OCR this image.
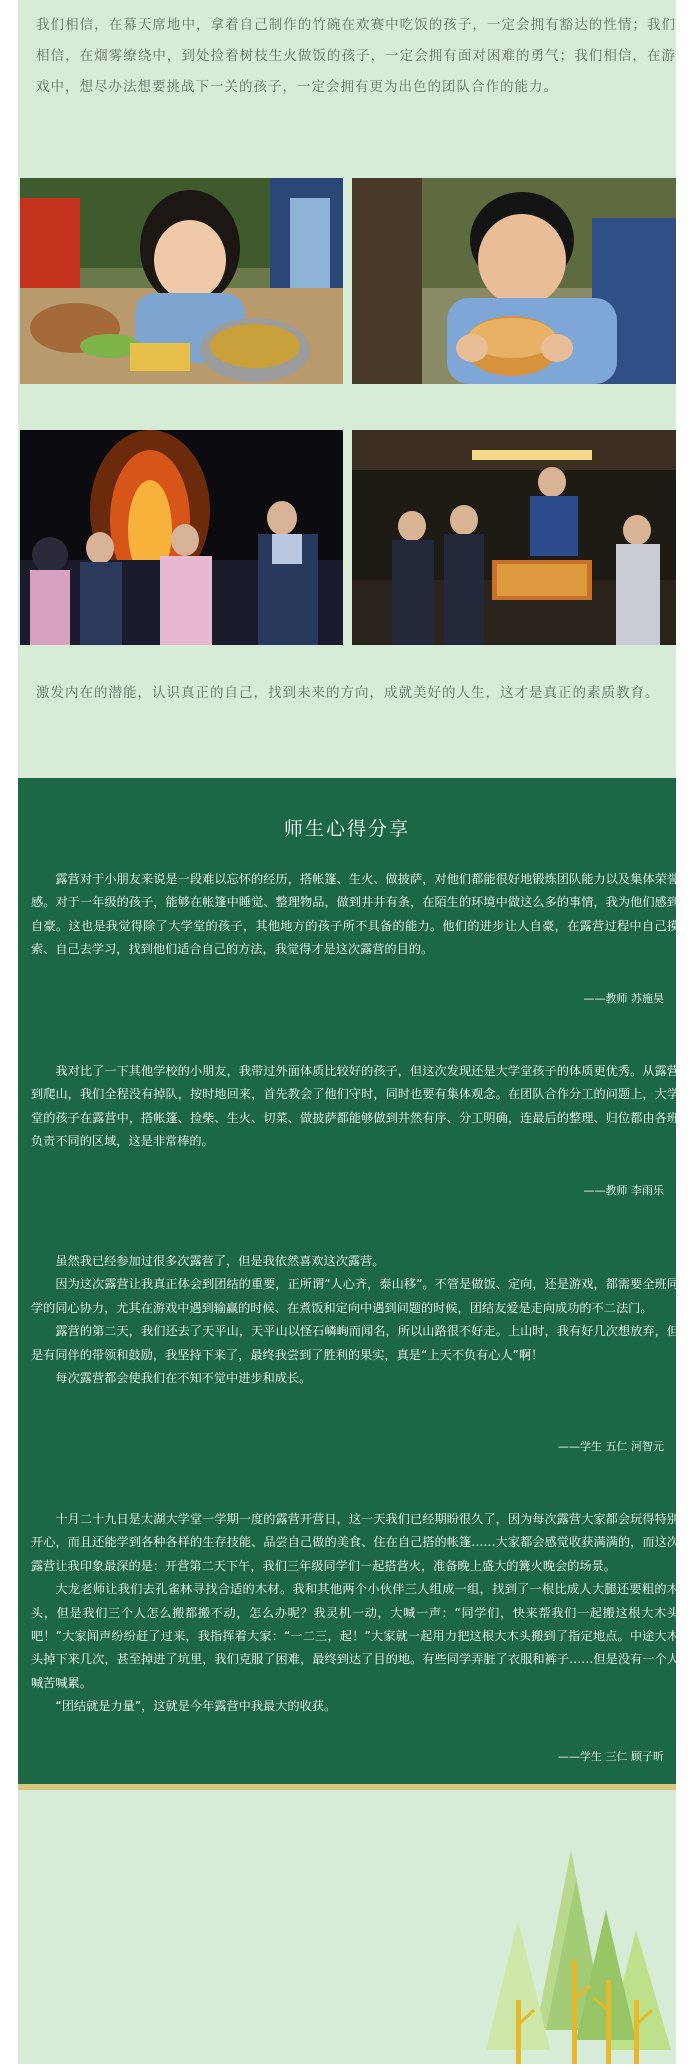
我们相信，在幕天席地中，拿着自己制作的竹碗在欢赛中吃饭的孩子，一定会拥有豁达的性情；我们相信，在烟雾缭绕中，到处捡着树枝生火做饭的孩子，一定会拥有面对困难的勇气；我们相信，在游戏中，想尽办法想要挑战下一关的孩子，一定会拥有更为出色的团队合作的能力。

激发内在的潜能，认识真正的自己，找到未来的方向，成就美好的人生，这才是真正的素质教育。

师生心得分享

露营对于小朋友来说是一段难以忘怀的经历，搭帐篷、生火、做披萨，对他们都能很好地锻炼团队能力以及集体荣誉感。对于一年级的孩子，能够在帐篷中睡觉、整理物品，做到井井有条，在陌生的环境中做这么多的事情，我为他们感到自豪。这也是我觉得除了大学堂的孩子，其他地方的孩子所不具备的能力。他们的进步让人自豪，在露营过程中自己摸索、自己去学习，找到他们适合自己的方法，我觉得才是这次露营的目的。

——教师 苏施昊

我对比了一下其他学校的小朋友，我带过外面体质比较好的孩子，但这次发现还是大学堂孩子的体质更优秀。从露营到爬山，我们全程没有掉队，按时地回来，首先教会了他们守时，同时也要有集体观念。在团队合作分工的问题上，大学堂的孩子在露营中，搭帐篷、捡柴、生火、切菜、做披萨都能够做到井然有序、分工明确，连最后的整理、归位都由各班负责不同的区域，这是非常棒的。

——教师 李雨乐

虽然我已经参加过很多次露营了，但是我依然喜欢这次露营。

因为这次露营让我真正体会到团结的重要，正所谓“人心齐，泰山移”。不管是做饭、定向，还是游戏，都需要全班同学的同心协力，尤其在游戏中遇到输赢的时候、在煮饭和定向中遇到问题的时候，团结友爱是走向成功的不二法门。

露营的第二天，我们还去了天平山，天平山以怪石嶙峋而闻名，所以山路很不好走。上山时，我有好几次想放弃，但是有同伴的带领和鼓励，我坚持下来了，最终我尝到了胜利的果实，真是“上天不负有心人”啊！

每次露营都会使我们在不知不觉中进步和成长。

——学生 五仁 河智元

十月二十九日是太湖大学堂一学期一度的露营开营日，这一天我们已经期盼很久了，因为每次露营大家都会玩得特别开心，而且还能学到各种各样的生存技能、品尝自己做的美食、住在自己搭的帐篷……大家都会感觉收获满满的，而这次露营让我印象最深的是：开营第二天下午，我们三年级同学们一起搭营火，准备晚上盛大的篝火晚会的场景。

大龙老师让我们去孔雀林寻找合适的木材。我和其他两个小伙伴三人组成一组，找到了一根比成人大腿还要粗的木头，但是我们三个人怎么搬都搬不动，怎么办呢？我灵机一动，大喊一声：“同学们，快来帮我们一起搬这根大木头吧！”大家闻声纷纷赶了过来，我指挥着大家：“一二三，起！”大家就一起用力把这根大木头搬到了指定地点。中途大木头掉下来几次，甚至掉进了坑里，我们克服了困难，最终到达了目的地。有些同学弄脏了衣服和裤子……但是没有一个人喊苦喊累。

“团结就是力量”，这就是今年露营中我最大的收获。

——学生 三仁 顾子昕
